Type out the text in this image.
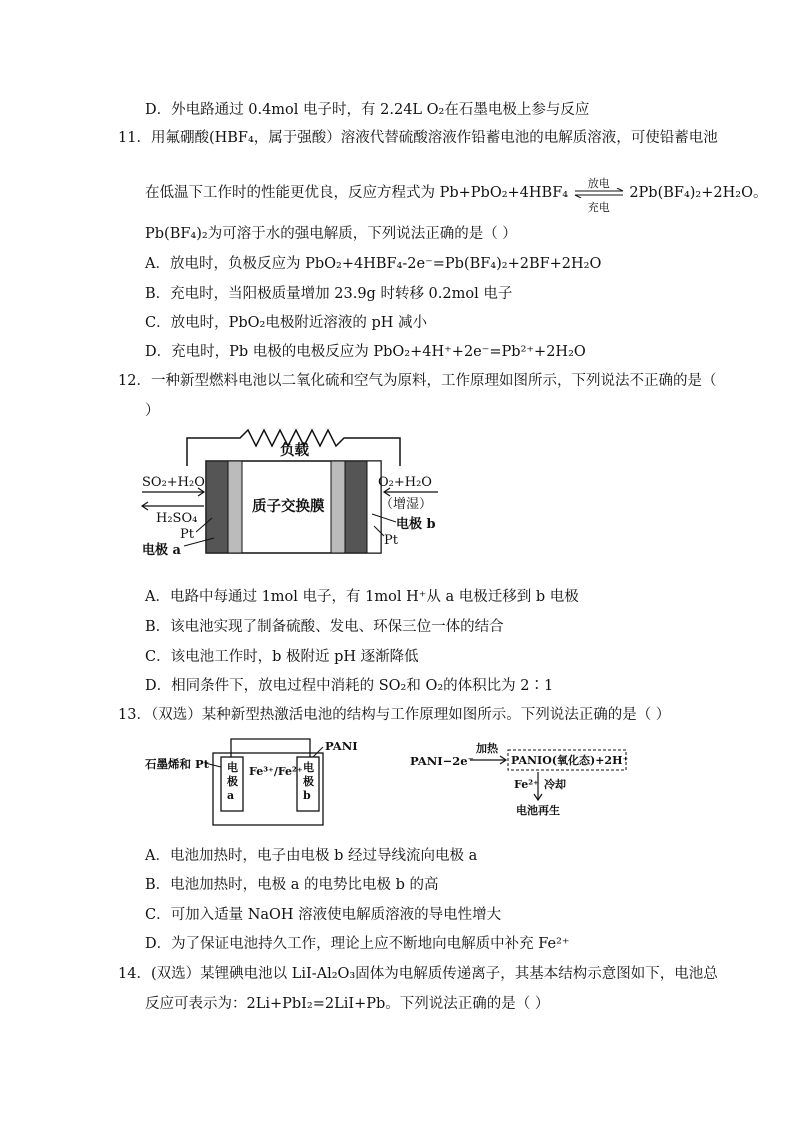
D．外电路通过 0.4mol 电子时，有 2.24L O₂在石墨电极上参与反应
11．用氟硼酸(HBF₄，属于强酸）溶液代替硫酸溶液作铅蓄电池的电解质溶液，可使铅蓄电池
在低温下工作时的性能更优良，反应方程式为 Pb+PbO₂+4HBF₄
放电
充电
2Pb(BF₄)₂+2H₂O。
Pb(BF₄)₂为可溶于水的强电解质，下列说法正确的是（ ）
A．放电时，负极反应为 PbO₂+4HBF₄-2e⁻=Pb(BF₄)₂+2BF+2H₂O
B．充电时，当阳极质量增加 23.9g 时转移 0.2mol 电子
C．放电时，PbO₂电极附近溶液的 pH 减小
D．充电时，Pb 电极的电极反应为 PbO₂+4H⁺+2e⁻=Pb²⁺+2H₂O
12．一种新型燃料电池以二氧化硫和空气为原料，工作原理如图所示，下列说法不正确的是（
）
负载
质子交换膜
SO₂+H₂O
H₂SO₄
Pt
电极 a
O₂+H₂O
（增湿）
电极 b
Pt
A．电路中每通过 1mol 电子，有 1mol H⁺从 a 电极迁移到 b 电极
B．该电池实现了制备硫酸、发电、环保三位一体的结合
C．该电池工作时，b 极附近 pH 逐渐降低
D．相同条件下，放电过程中消耗的 SO₂和 O₂的体积比为 2∶1
13．（双选）某种新型热激活电池的结构与工作原理如图所示。下列说法正确的是（ ）
石墨烯和 Pt
PANI
电
极
a
电
极
b
Fe³⁺/Fe²⁺
PANI−2e⁻
加热
PANIO(氧化态)+2H⁺
Fe²⁺ 冷却
电池再生
A．电池加热时，电子由电极 b 经过导线流向电极 a
B．电池加热时，电极 a 的电势比电极 b 的高
C．可加入适量 NaOH 溶液使电解质溶液的导电性增大
D．为了保证电池持久工作，理论上应不断地向电解质中补充 Fe²⁺
14．(双选）某锂碘电池以 LiI-Al₂O₃固体为电解质传递离子，其基本结构示意图如下，电池总
反应可表示为：2Li+PbI₂=2LiI+Pb。下列说法正确的是（ ）
